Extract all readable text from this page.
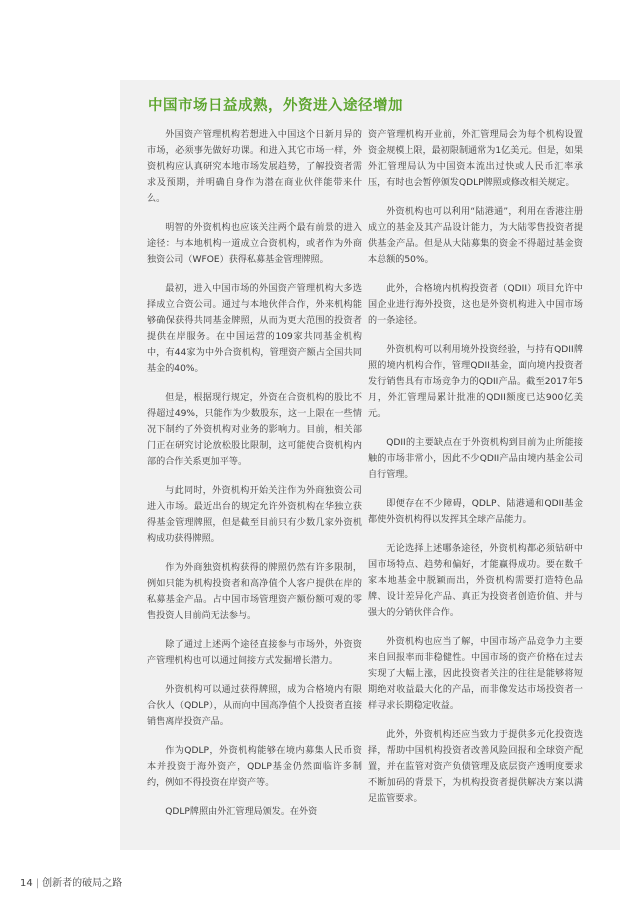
中国市场日益成熟，外资进入途径增加

外国资产管理机构若想进入中国这个日新月异的市场，必须事先做好功课。和进入其它市场一样，外资机构应认真研究本地市场发展趋势，了解投资者需求及预期，并明确自身作为潜在商业伙伴能带来什么。

明智的外资机构也应该关注两个最有前景的进入途径：与本地机构一道成立合资机构，或者作为外商独资公司（WFOE）获得私募基金管理牌照。

最初，进入中国市场的外国资产管理机构大多选择成立合资公司。通过与本地伙伴合作，外来机构能够确保获得共同基金牌照，从而为更大范围的投资者提供在岸服务。在中国运营的109家共同基金机构中，有44家为中外合资机构，管理资产额占全国共同基金的40%。

但是，根据现行规定，外资在合资机构的股比不得超过49%，只能作为少数股东，这一上限在一些情况下制约了外资机构对业务的影响力。目前，相关部门正在研究讨论放松股比限制，这可能使合资机构内部的合作关系更加平等。

与此同时，外资机构开始关注作为外商独资公司进入市场。最近出台的规定允许外资机构在华独立获得基金管理牌照，但是截至目前只有少数几家外资机构成功获得牌照。

作为外商独资机构获得的牌照仍然有许多限制，例如只能为机构投资者和高净值个人客户提供在岸的私募基金产品。占中国市场管理资产额份额可观的零售投资人目前尚无法参与。

除了通过上述两个途径直接参与市场外，外资资产管理机构也可以通过间接方式发掘增长潜力。

外资机构可以通过获得牌照，成为合格境内有限合伙人（QDLP），从而向中国高净值个人投资者直接销售离岸投资产品。

作为QDLP，外资机构能够在境内募集人民币资本并投资于海外资产，QDLP基金仍然面临许多制约，例如不得投资在岸资产等。

QDLP牌照由外汇管理局颁发。在外资

资产管理机构开业前，外汇管理局会为每个机构设置资金规模上限，最初限制通常为1亿美元。但是，如果外汇管理局认为中国资本流出过快或人民币汇率承压，有时也会暂停颁发QDLP牌照或修改相关规定。

外资机构也可以利用“陆港通”，利用在香港注册成立的基金及其产品设计能力，为大陆零售投资者提供基金产品。但是从大陆募集的资金不得超过基金资本总额的50%。

此外，合格境内机构投资者（QDII）项目允许中国企业进行海外投资，这也是外资机构进入中国市场的一条途径。

外资机构可以利用境外投资经验，与持有QDII牌照的境内机构合作，管理QDII基金，面向境内投资者发行销售具有市场竞争力的QDII产品。截至2017年5月，外汇管理局累计批准的QDII额度已达900亿美元。

QDII的主要缺点在于外资机构到目前为止所能接触的市场非常小，因此不少QDII产品由境内基金公司自行管理。

即便存在不少障碍，QDLP、陆港通和QDII基金都使外资机构得以发挥其全球产品能力。

无论选择上述哪条途径，外资机构都必须钻研中国市场特点、趋势和偏好，才能赢得成功。要在数千家本地基金中脱颖而出，外资机构需要打造特色品牌、设计差异化产品、真正为投资者创造价值、并与强大的分销伙伴合作。

外资机构也应当了解，中国市场产品竞争力主要来自回报率而非稳健性。中国市场的资产价格在过去实现了大幅上涨，因此投资者关注的往往是能够将短期绝对收益最大化的产品，而非像发达市场投资者一样寻求长期稳定收益。

此外，外资机构还应当致力于提供多元化投资选择，帮助中国机构投资者改善风险回报和全球资产配置，并在监管对资产负债管理及底层资产透明度要求不断加码的背景下，为机构投资者提供解决方案以满足监管要求。

14 | 创新者的破局之路
